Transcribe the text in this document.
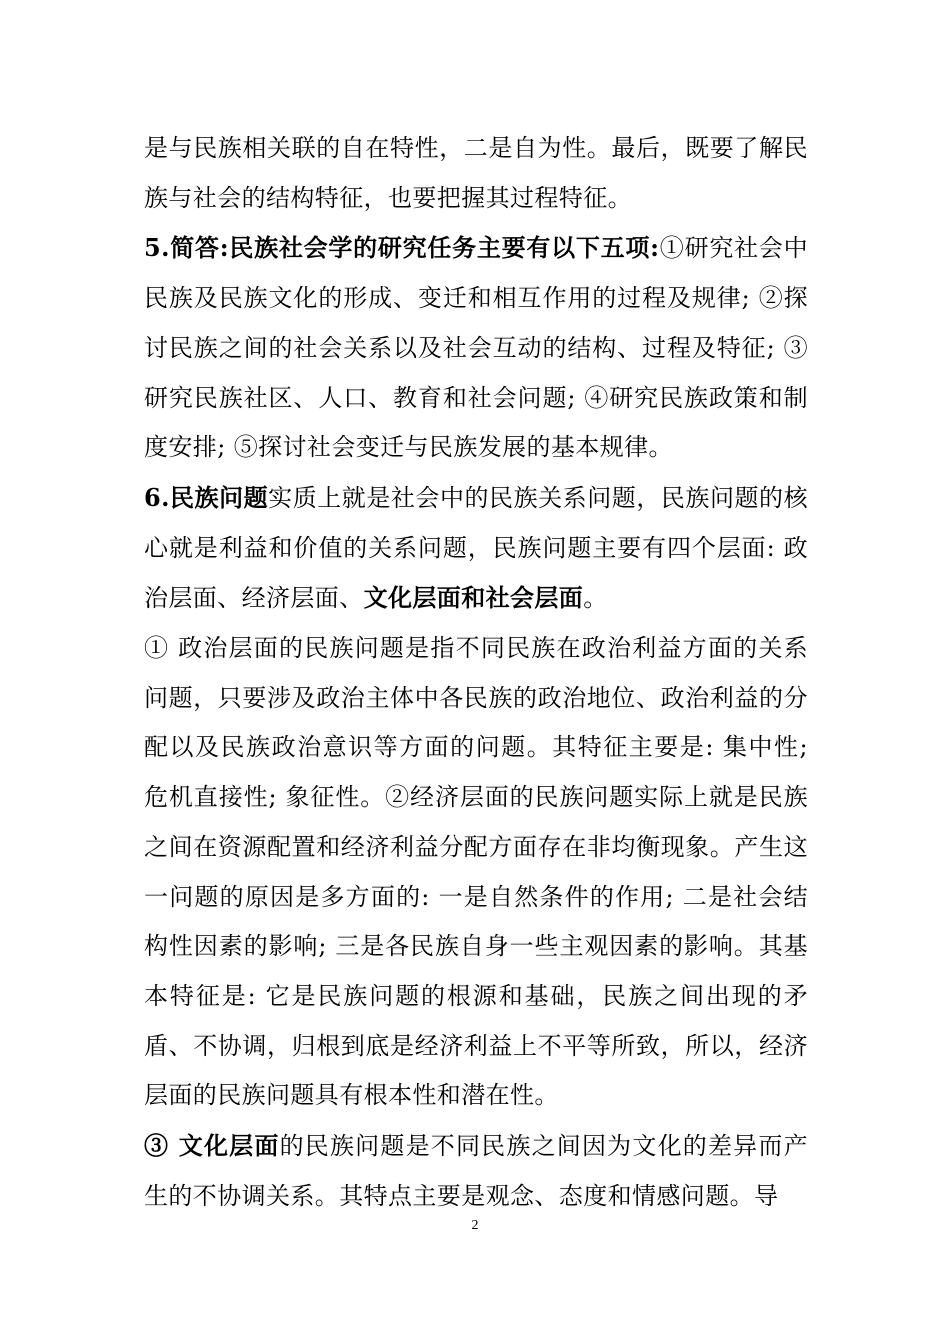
是与民族相关联的自在特性，二是自为性。最后，既要了解民族与社会的结构特征，也要把握其过程特征。

5.简答:民族社会学的研究任务主要有以下五项:①研究社会中民族及民族文化的形成、变迁和相互作用的过程及规律; ②探讨民族之间的社会关系以及社会互动的结构、过程及特征; ③研究民族社区、人口、教育和社会问题; ④研究民族政策和制度安排; ⑤探讨社会变迁与民族发展的基本规律。

6.民族问题实质上就是社会中的民族关系问题，民族问题的核心就是利益和价值的关系问题，民族问题主要有四个层面: 政治层面、经济层面、文化层面和社会层面。

① 政治层面的民族问题是指不同民族在政治利益方面的关系问题，只要涉及政治主体中各民族的政治地位、政治利益的分配以及民族政治意识等方面的问题。其特征主要是: 集中性; 危机直接性; 象征性。②经济层面的民族问题实际上就是民族之间在资源配置和经济利益分配方面存在非均衡现象。产生这一问题的原因是多方面的: 一是自然条件的作用; 二是社会结构性因素的影响; 三是各民族自身一些主观因素的影响。其基本特征是: 它是民族问题的根源和基础，民族之间出现的矛盾、不协调，归根到底是经济利益上不平等所致，所以，经济层面的民族问题具有根本性和潜在性。

③ 文化层面的民族问题是不同民族之间因为文化的差异而产生的不协调关系。其特点主要是观念、态度和情感问题。导

2
